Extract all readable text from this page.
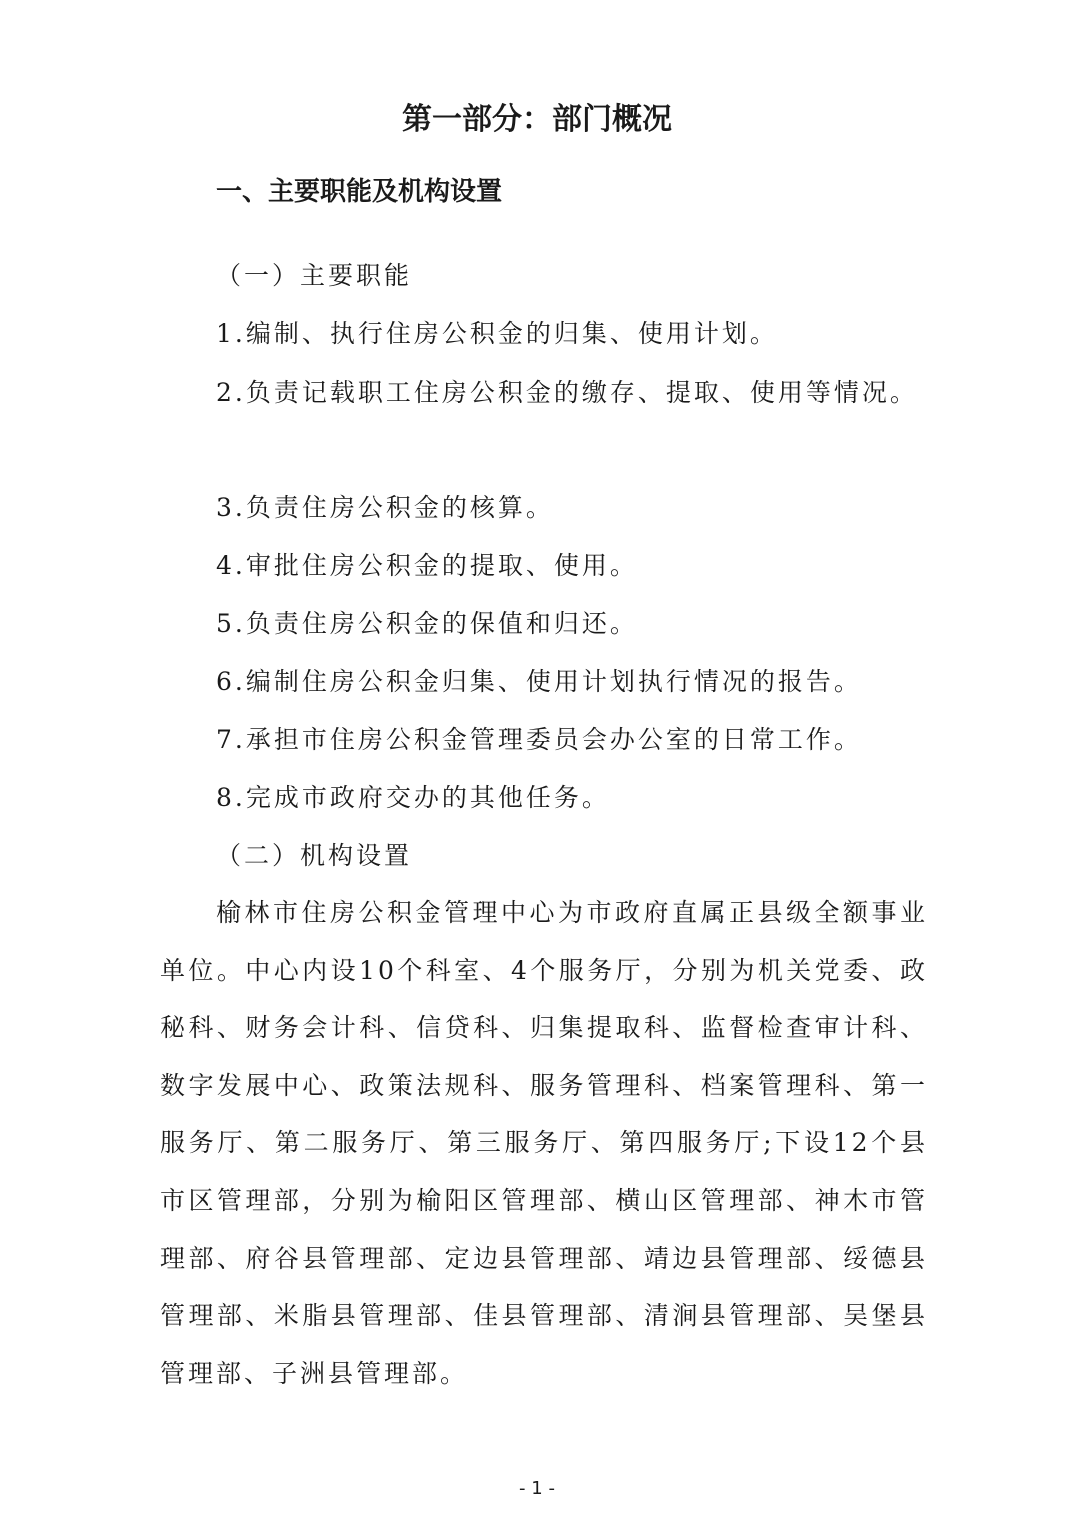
第一部分：部门概况
一、主要职能及机构设置
（一）主要职能
1.编制、执行住房公积金的归集、使用计划。

2.负责记载职工住房公积金的缴存、提取、使用等情况。

3.负责住房公积金的核算。
4.审批住房公积金的提取、使用。
5.负责住房公积金的保值和归还。
6.编制住房公积金归集、使用计划执行情况的报告。
7.承担市住房公积金管理委员会办公室的日常工作。
8.完成市政府交办的其他任务。
（二）机构设置

榆林市住房公积金管理中心为市政府直属正县级全额事业单位。中心内设10个科室、4个服务厅，分别为机关党委、政秘科、财务会计科、信贷科、归集提取科、监督检查审计科、数字发展中心、政策法规科、服务管理科、档案管理科、第一服务厅、第二服务厅、第三服务厅、第四服务厅;下设12个县市区管理部，分别为榆阳区管理部、横山区管理部、神木市管理部、府谷县管理部、定边县管理部、靖边县管理部、绥德县管理部、米脂县管理部、佳县管理部、清涧县管理部、吴堡县管理部、子洲县管理部。

- 1 -
